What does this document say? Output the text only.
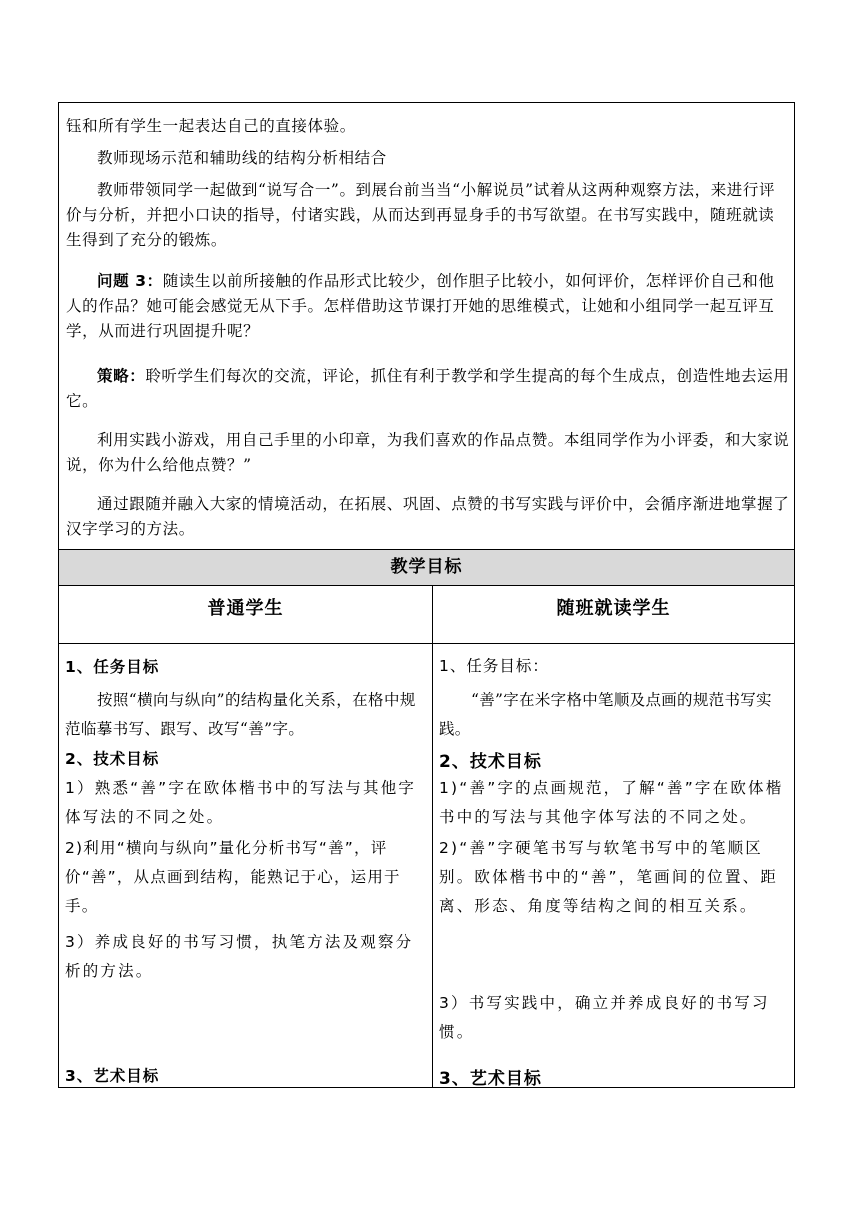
钰和所有学生一起表达自己的直接体验。

教师现场示范和辅助线的结构分析相结合

教师带领同学一起做到“说写合一”。到展台前当当“小解说员”试着从这两种观察方法，来进行评价与分析，并把小口诀的指导，付诸实践，从而达到再显身手的书写欲望。在书写实践中，随班就读生得到了充分的锻炼。

问题 3：随读生以前所接触的作品形式比较少，创作胆子比较小，如何评价，怎样评价自己和他人的作品？她可能会感觉无从下手。怎样借助这节课打开她的思维模式，让她和小组同学一起互评互学，从而进行巩固提升呢？

策略：聆听学生们每次的交流，评论，抓住有利于教学和学生提高的每个生成点，创造性地去运用它。

利用实践小游戏，用自己手里的小印章，为我们喜欢的作品点赞。本组同学作为小评委，和大家说说，你为什么给他点赞？”

通过跟随并融入大家的情境活动，在拓展、巩固、点赞的书写实践与评价中，会循序渐进地掌握了汉字学习的方法。

教学目标
普通学生	随班就读学生

1、任务目标

按照“横向与纵向”的结构量化关系，在格中规范临摹书写、跟写、改写“善”字。

2、技术目标

1）熟悉“善”字在欧体楷书中的写法与其他字体写法的不同之处。

2)利用“横向与纵向”量化分析书写“善”，评价“善”，从点画到结构，能熟记于心，运用于手。

3）养成良好的书写习惯，执笔方法及观察分析的方法。

3、艺术目标

1、任务目标：

“善”字在米字格中笔顺及点画的规范书写实践。

2、技术目标

1)“善”字的点画规范，了解“善”字在欧体楷书中的写法与其他字体写法的不同之处。

2)“善”字硬笔书写与软笔书写中的笔顺区别。欧体楷书中的“善”，笔画间的位置、距离、形态、角度等结构之间的相互关系。

3）书写实践中，确立并养成良好的书写习惯。

3、艺术目标
